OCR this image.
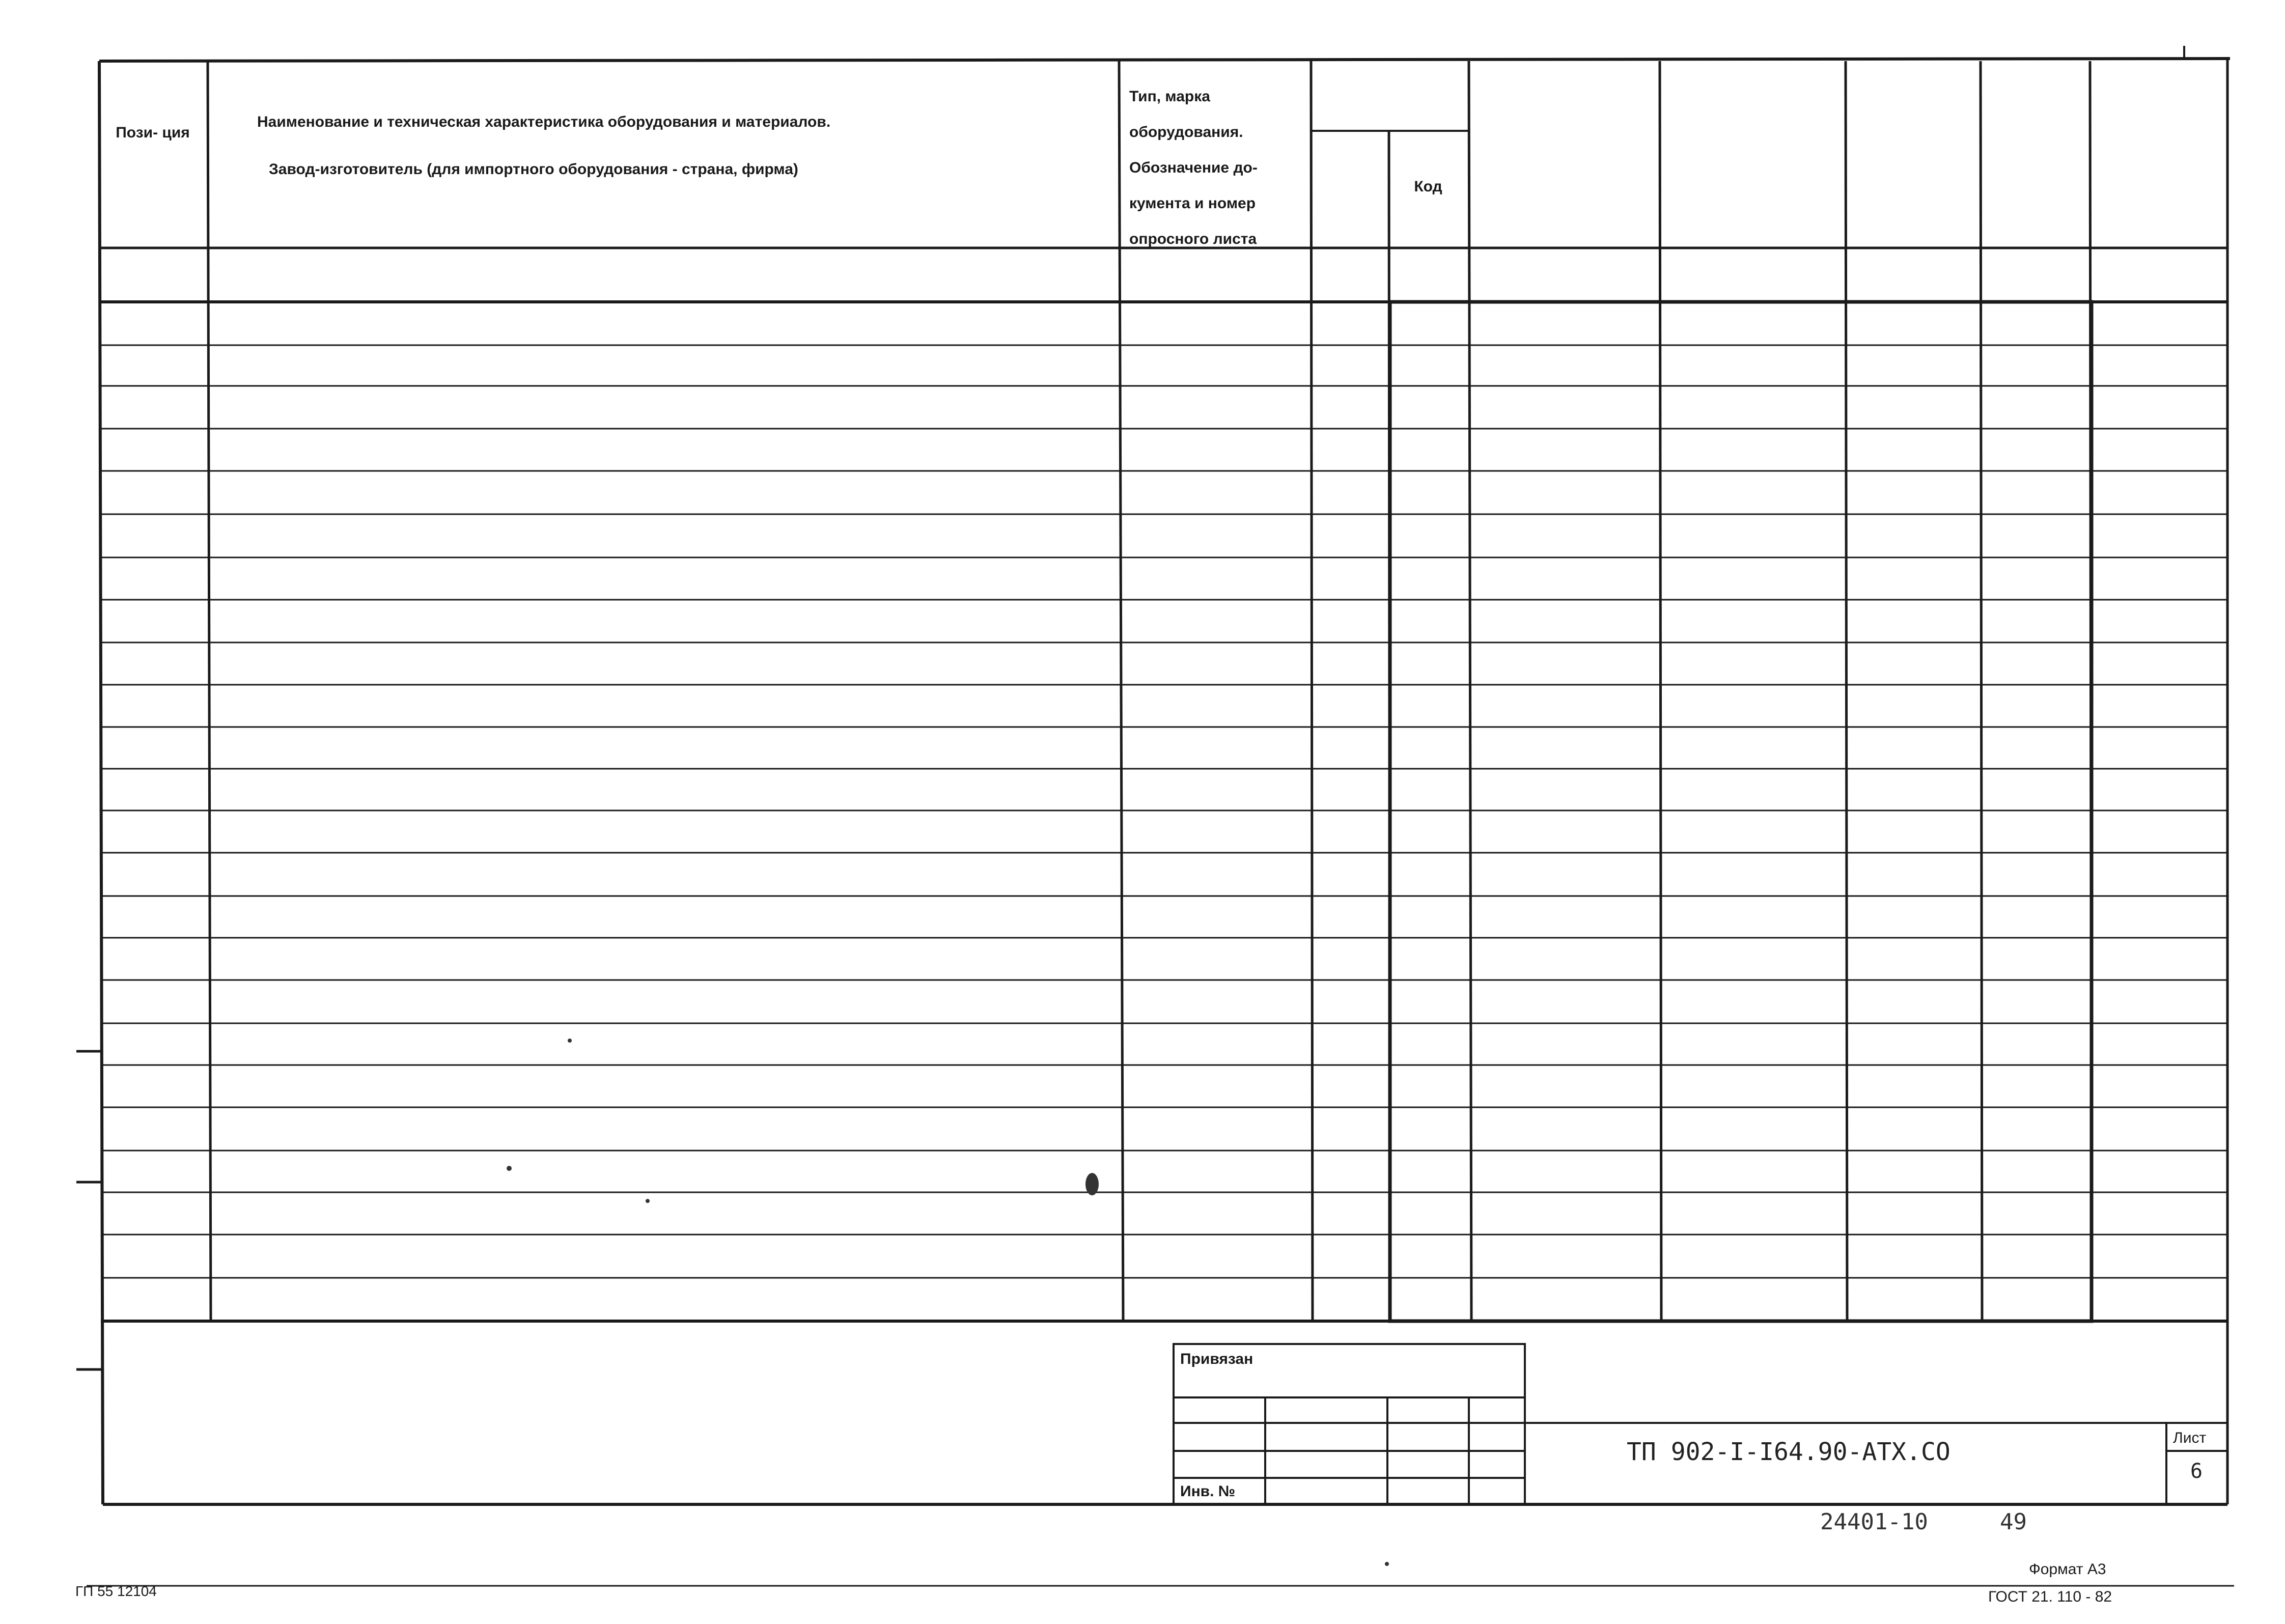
Пози- ция
Наименование и техническая характеристика оборудования и материалов.
Завод-изготовитель (для импортного оборудования - страна, фирма)
Тип, марка
оборудования.
Обозначение до-
кумента и номер
опросного листа
Код
Привязан
Инв. №
ТП 902-I-I64.90-АТХ.СО	Лист
6
24401-10	49
Формат А3
ГОСТ 21. 110 - 82
ГП 55 12104
